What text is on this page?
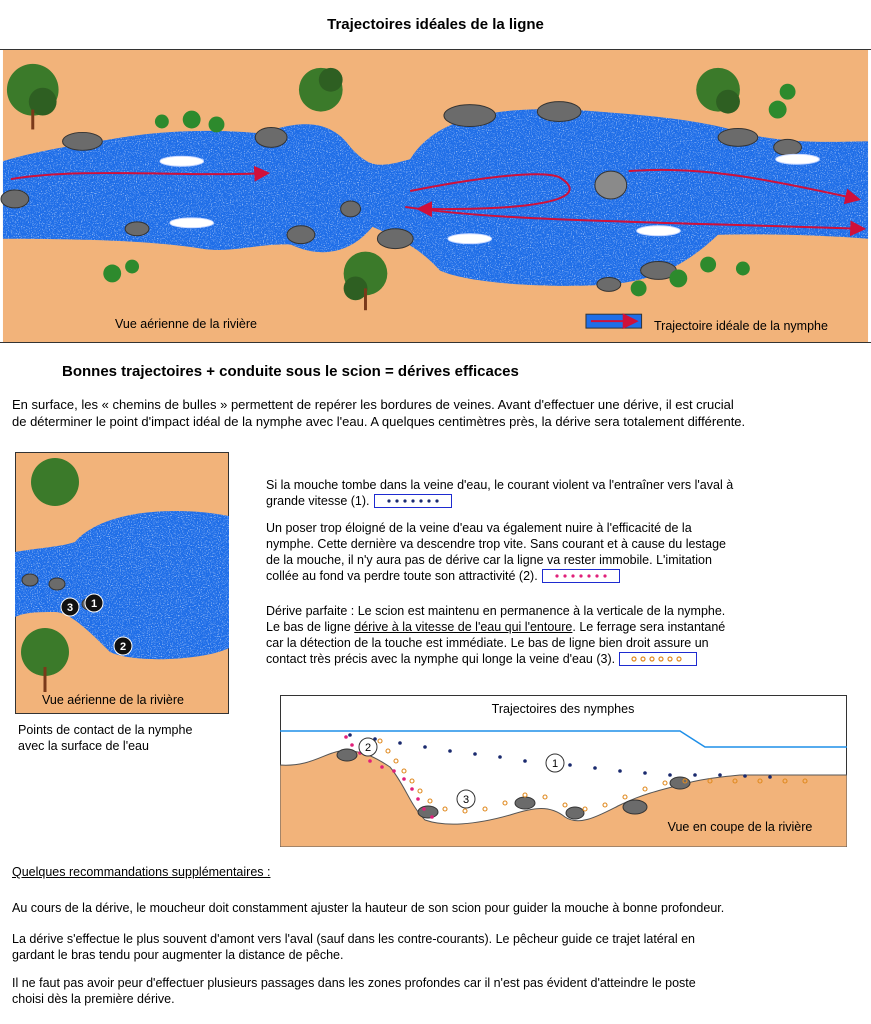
Trajectoires idéales de la ligne
Vue aérienne de la rivière	Trajectoire idéale de la nymphe
Bonnes trajectoires + conduite sous le scion = dérives efficaces
En surface, les « chemins de bulles » permettent de repérer les bordures de veines. Avant d'effectuer une dérive, il est crucial
de déterminer le point d'impact idéal de la nymphe avec l'eau. A quelques centimètres près, la dérive sera totalement différente.
3 1
2
Vue aérienne de la rivière
Points de contact de la nymphe
avec la surface de l'eau
Si la mouche tombe dans la veine d'eau, le courant violent va l'entraîner vers l'aval à
grande vitesse (1).
Un poser trop éloigné de la veine d'eau va également nuire à l'efficacité de la
nymphe. Cette dernière va descendre trop vite. Sans courant et à cause du lestage
de la mouche, il n'y aura pas de dérive car la ligne va rester immobile. L'imitation
collée au fond va perdre toute son attractivité (2).
Dérive parfaite : Le scion est maintenu en permanence à la verticale de la nymphe.
Le bas de ligne dérive à la vitesse de l'eau qui l'entoure. Le ferrage sera instantané
car la détection de la touche est immédiate. Le bas de ligne bien droit assure un
contact très précis avec la nymphe qui longe la veine d'eau (3).
1
2
3
Trajectoires des nymphes
Vue en coupe de la rivière
Quelques recommandations supplémentaires :
Au cours de la dérive, le moucheur doit constamment ajuster la hauteur de son scion pour guider la mouche à bonne profondeur.
La dérive s'effectue le plus souvent d'amont vers l'aval (sauf dans les contre-courants). Le pêcheur guide ce trajet latéral en
gardant le bras tendu pour augmenter la distance de pêche.
Il ne faut pas avoir peur d'effectuer plusieurs passages dans les zones profondes car il n'est pas évident d'atteindre le poste
choisi dès la première dérive.
